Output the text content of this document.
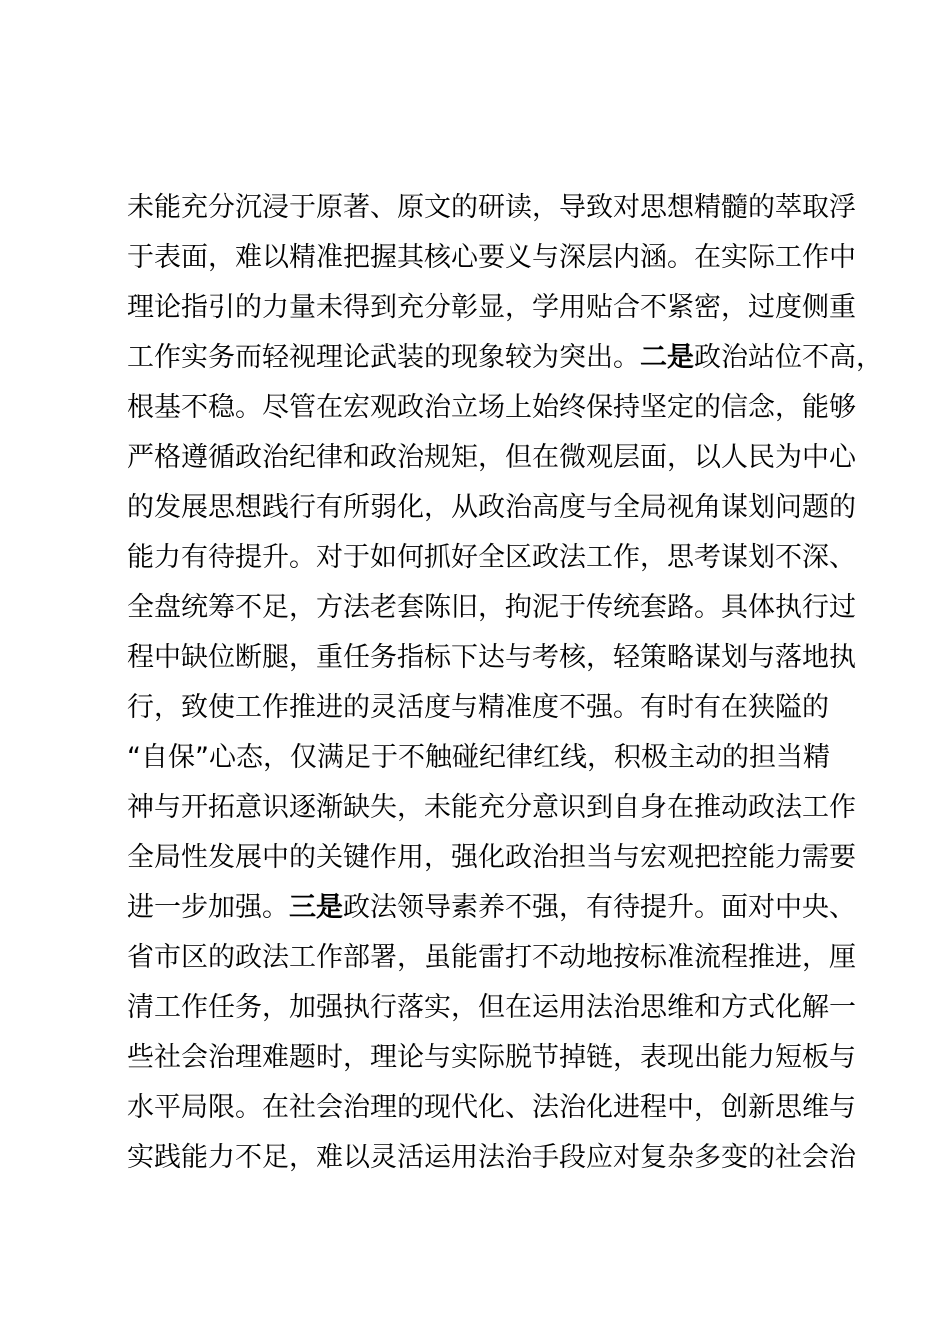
未能充分沉浸于原著、原文的研读，导致对思想精髓的萃取浮
于表面，难以精准把握其核心要义与深层内涵。在实际工作中
理论指引的力量未得到充分彰显，学用贴合不紧密，过度侧重
工作实务而轻视理论武装的现象较为突出。二是政治站位不高，
根基不稳。尽管在宏观政治立场上始终保持坚定的信念，能够
严格遵循政治纪律和政治规矩，但在微观层面，以人民为中心
的发展思想践行有所弱化，从政治高度与全局视角谋划问题的
能力有待提升。对于如何抓好全区政法工作，思考谋划不深、
全盘统筹不足，方法老套陈旧，拘泥于传统套路。具体执行过
程中缺位断腿，重任务指标下达与考核，轻策略谋划与落地执
行，致使工作推进的灵活度与精准度不强。有时有在狭隘的
“自保”心态，仅满足于不触碰纪律红线，积极主动的担当精
神与开拓意识逐渐缺失，未能充分意识到自身在推动政法工作
全局性发展中的关键作用，强化政治担当与宏观把控能力需要
进一步加强。三是政法领导素养不强，有待提升。面对中央、
省市区的政法工作部署，虽能雷打不动地按标准流程推进，厘
清工作任务，加强执行落实，但在运用法治思维和方式化解一
些社会治理难题时，理论与实际脱节掉链，表现出能力短板与
水平局限。在社会治理的现代化、法治化进程中，创新思维与
实践能力不足，难以灵活运用法治手段应对复杂多变的社会治
